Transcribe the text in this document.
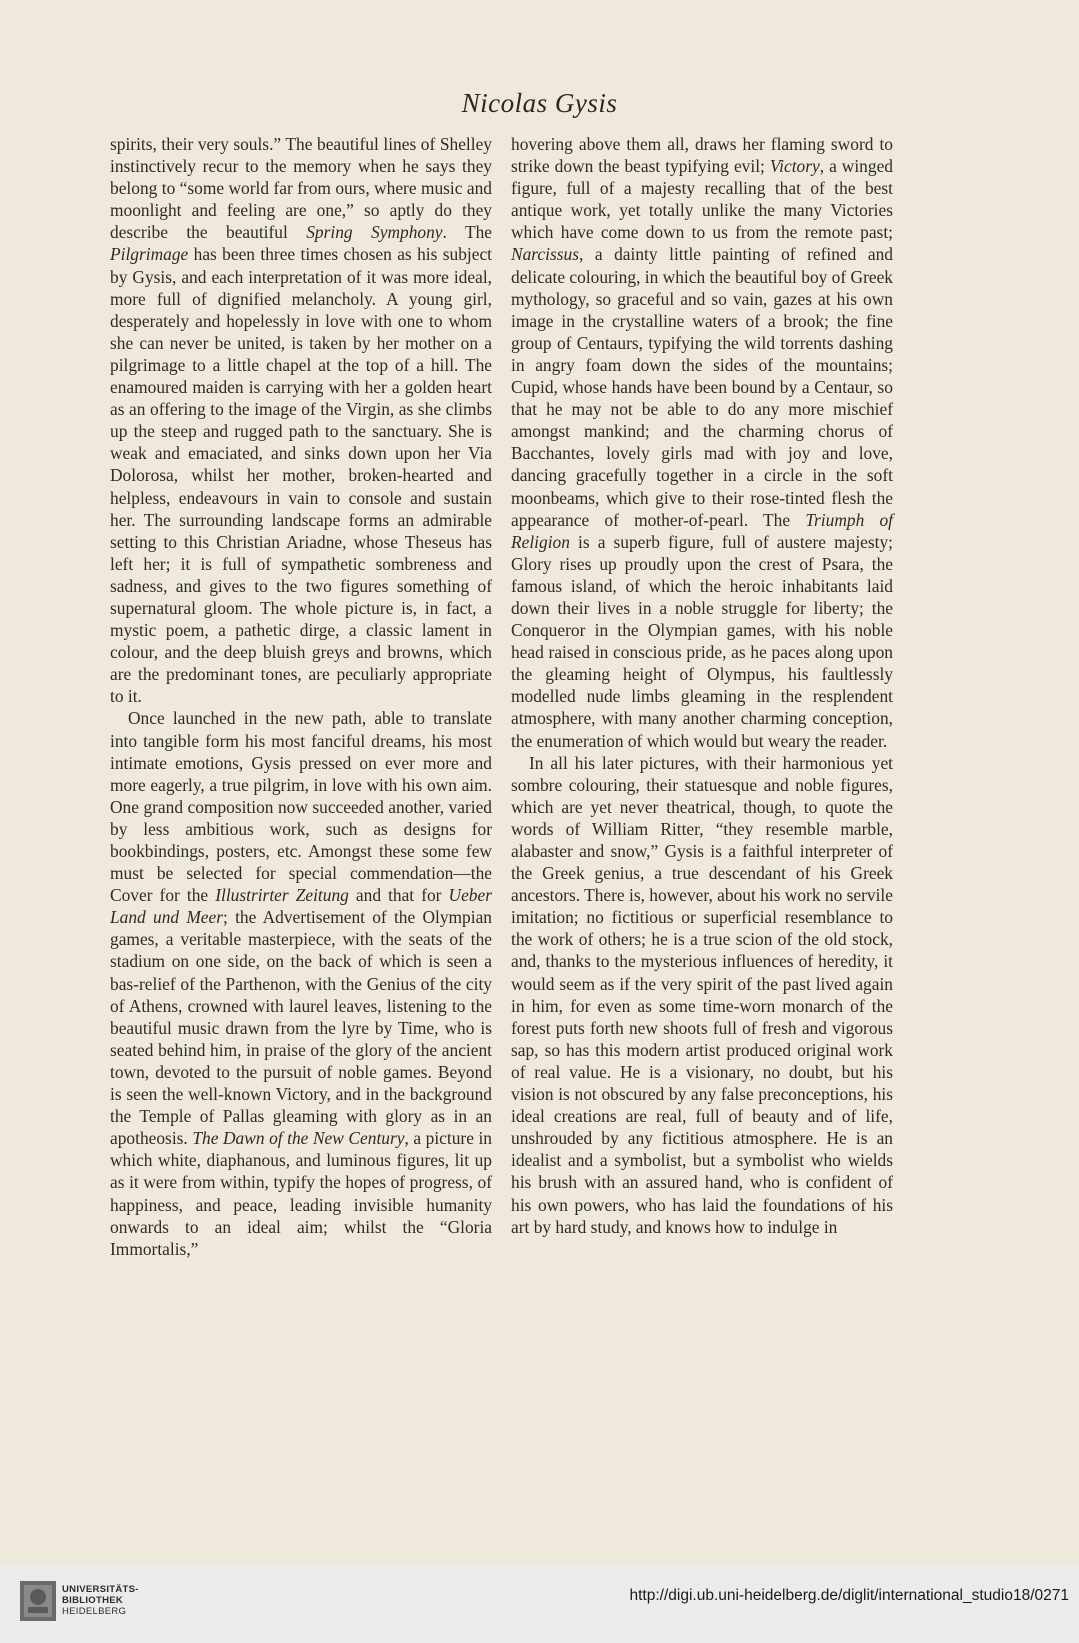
Nicolas Gysis

spirits, their very souls.” The beautiful lines of Shelley instinctively recur to the memory when he says they belong to “some world far from ours, where music and moonlight and feeling are one,” so aptly do they describe the beautiful Spring Symphony. The Pilgrimage has been three times chosen as his subject by Gysis, and each interpretation of it was more ideal, more full of dignified melancholy. A young girl, desperately and hopelessly in love with one to whom she can never be united, is taken by her mother on a pilgrimage to a little chapel at the top of a hill. The enamoured maiden is carrying with her a golden heart as an offering to the image of the Virgin, as she climbs up the steep and rugged path to the sanctuary. She is weak and emaciated, and sinks down upon her Via Dolorosa, whilst her mother, broken-hearted and helpless, endeavours in vain to console and sustain her. The surrounding landscape forms an admirable setting to this Christian Ariadne, whose Theseus has left her; it is full of sympathetic sombreness and sadness, and gives to the two figures something of supernatural gloom. The whole picture is, in fact, a mystic poem, a pathetic dirge, a classic lament in colour, and the deep bluish greys and browns, which are the predominant tones, are peculiarly appropriate to it.

Once launched in the new path, able to translate into tangible form his most fanciful dreams, his most intimate emotions, Gysis pressed on ever more and more eagerly, a true pilgrim, in love with his own aim. One grand composition now succeeded another, varied by less ambitious work, such as designs for bookbindings, posters, etc. Amongst these some few must be selected for special commendation—the Cover for the Illustrirter Zeitung and that for Ueber Land und Meer; the Advertisement of the Olympian games, a veritable masterpiece, with the seats of the stadium on one side, on the back of which is seen a bas-relief of the Parthenon, with the Genius of the city of Athens, crowned with laurel leaves, listening to the beautiful music drawn from the lyre by Time, who is seated behind him, in praise of the glory of the ancient town, devoted to the pursuit of noble games. Beyond is seen the well-known Victory, and in the background the Temple of Pallas gleaming with glory as in an apotheosis. The Dawn of the New Century, a picture in which white, diaphanous, and luminous figures, lit up as it were from within, typify the hopes of progress, of happiness, and peace, leading invisible humanity onwards to an ideal aim; whilst the “Gloria Immortalis,”

hovering above them all, draws her flaming sword to strike down the beast typifying evil; Victory, a winged figure, full of a majesty recalling that of the best antique work, yet totally unlike the many Victories which have come down to us from the remote past; Narcissus, a dainty little painting of refined and delicate colouring, in which the beautiful boy of Greek mythology, so graceful and so vain, gazes at his own image in the crystalline waters of a brook; the fine group of Centaurs, typifying the wild torrents dashing in angry foam down the sides of the mountains; Cupid, whose hands have been bound by a Centaur, so that he may not be able to do any more mischief amongst mankind; and the charming chorus of Bacchantes, lovely girls mad with joy and love, dancing gracefully together in a circle in the soft moonbeams, which give to their rose-tinted flesh the appearance of mother-of-pearl. The Triumph of Religion is a superb figure, full of austere majesty; Glory rises up proudly upon the crest of Psara, the famous island, of which the heroic inhabitants laid down their lives in a noble struggle for liberty; the Conqueror in the Olympian games, with his noble head raised in conscious pride, as he paces along upon the gleaming height of Olympus, his faultlessly modelled nude limbs gleaming in the resplendent atmosphere, with many another charming conception, the enumeration of which would but weary the reader.

In all his later pictures, with their harmonious yet sombre colouring, their statuesque and noble figures, which are yet never theatrical, though, to quote the words of William Ritter, “they resemble marble, alabaster and snow,” Gysis is a faithful interpreter of the Greek genius, a true descendant of his Greek ancestors. There is, however, about his work no servile imitation; no fictitious or superficial resemblance to the work of others; he is a true scion of the old stock, and, thanks to the mysterious influences of heredity, it would seem as if the very spirit of the past lived again in him, for even as some time-worn monarch of the forest puts forth new shoots full of fresh and vigorous sap, so has this modern artist produced original work of real value. He is a visionary, no doubt, but his vision is not obscured by any false preconceptions, his ideal creations are real, full of beauty and of life, unshrouded by any fictitious atmosphere. He is an idealist and a symbolist, but a symbolist who wields his brush with an assured hand, who is confident of his own powers, who has laid the foundations of his art by hard study, and knows how to indulge in

UNIVERSITÄTS-
BIBLIOTHEK
HEIDELBERG
http://digi.ub.uni-heidelberg.de/diglit/international_studio18/0271
